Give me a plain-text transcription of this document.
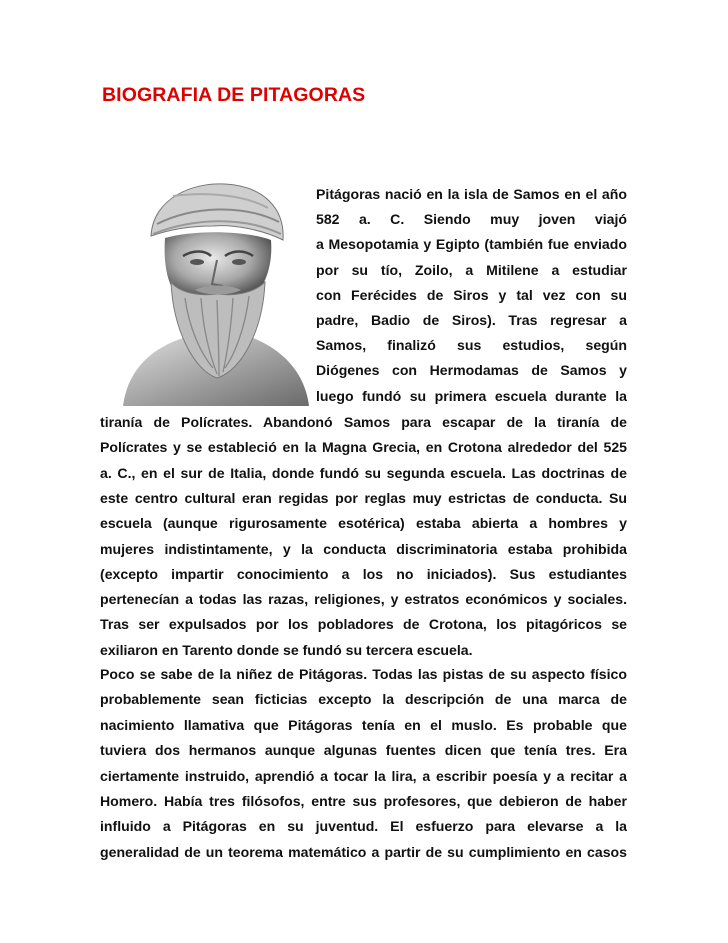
BIOGRAFIA DE PITAGORAS
Pitágoras nació en la isla de Samos en el año
582 a. C. Siendo muy joven viajó
a Mesopotamia y Egipto (también fue enviado
por su tío, Zoilo, a Mitilene a estudiar
con Ferécides de Siros y tal vez con su
padre, Badio de Siros). Tras regresar a
Samos, finalizó sus estudios, según
Diógenes con Hermodamas de Samos y
luego fundó su primera escuela durante la
tiranía de Polícrates. Abandonó Samos para escapar de la tiranía de
Polícrates y se estableció en la Magna Grecia, en Crotona alrededor del 525
a. C., en el sur de Italia, donde fundó su segunda escuela. Las doctrinas de
este centro cultural eran regidas por reglas muy estrictas de conducta. Su
escuela (aunque rigurosamente esotérica) estaba abierta a hombres y
mujeres indistintamente, y la conducta discriminatoria estaba prohibida
(excepto impartir conocimiento a los no iniciados). Sus estudiantes
pertenecían a todas las razas, religiones, y estratos económicos y sociales.
Tras ser expulsados por los pobladores de Crotona, los pitagóricos se
exiliaron en Tarento donde se fundó su tercera escuela.
Poco se sabe de la niñez de Pitágoras. Todas las pistas de su aspecto físico
probablemente sean ficticias excepto la descripción de una marca de
nacimiento llamativa que Pitágoras tenía en el muslo. Es probable que
tuviera dos hermanos aunque algunas fuentes dicen que tenía tres. Era
ciertamente instruido, aprendió a tocar la lira, a escribir poesía y a recitar a
Homero. Había tres filósofos, entre sus profesores, que debieron de haber
influido a Pitágoras en su juventud. El esfuerzo para elevarse a la
generalidad de un teorema matemático a partir de su cumplimiento en casos
